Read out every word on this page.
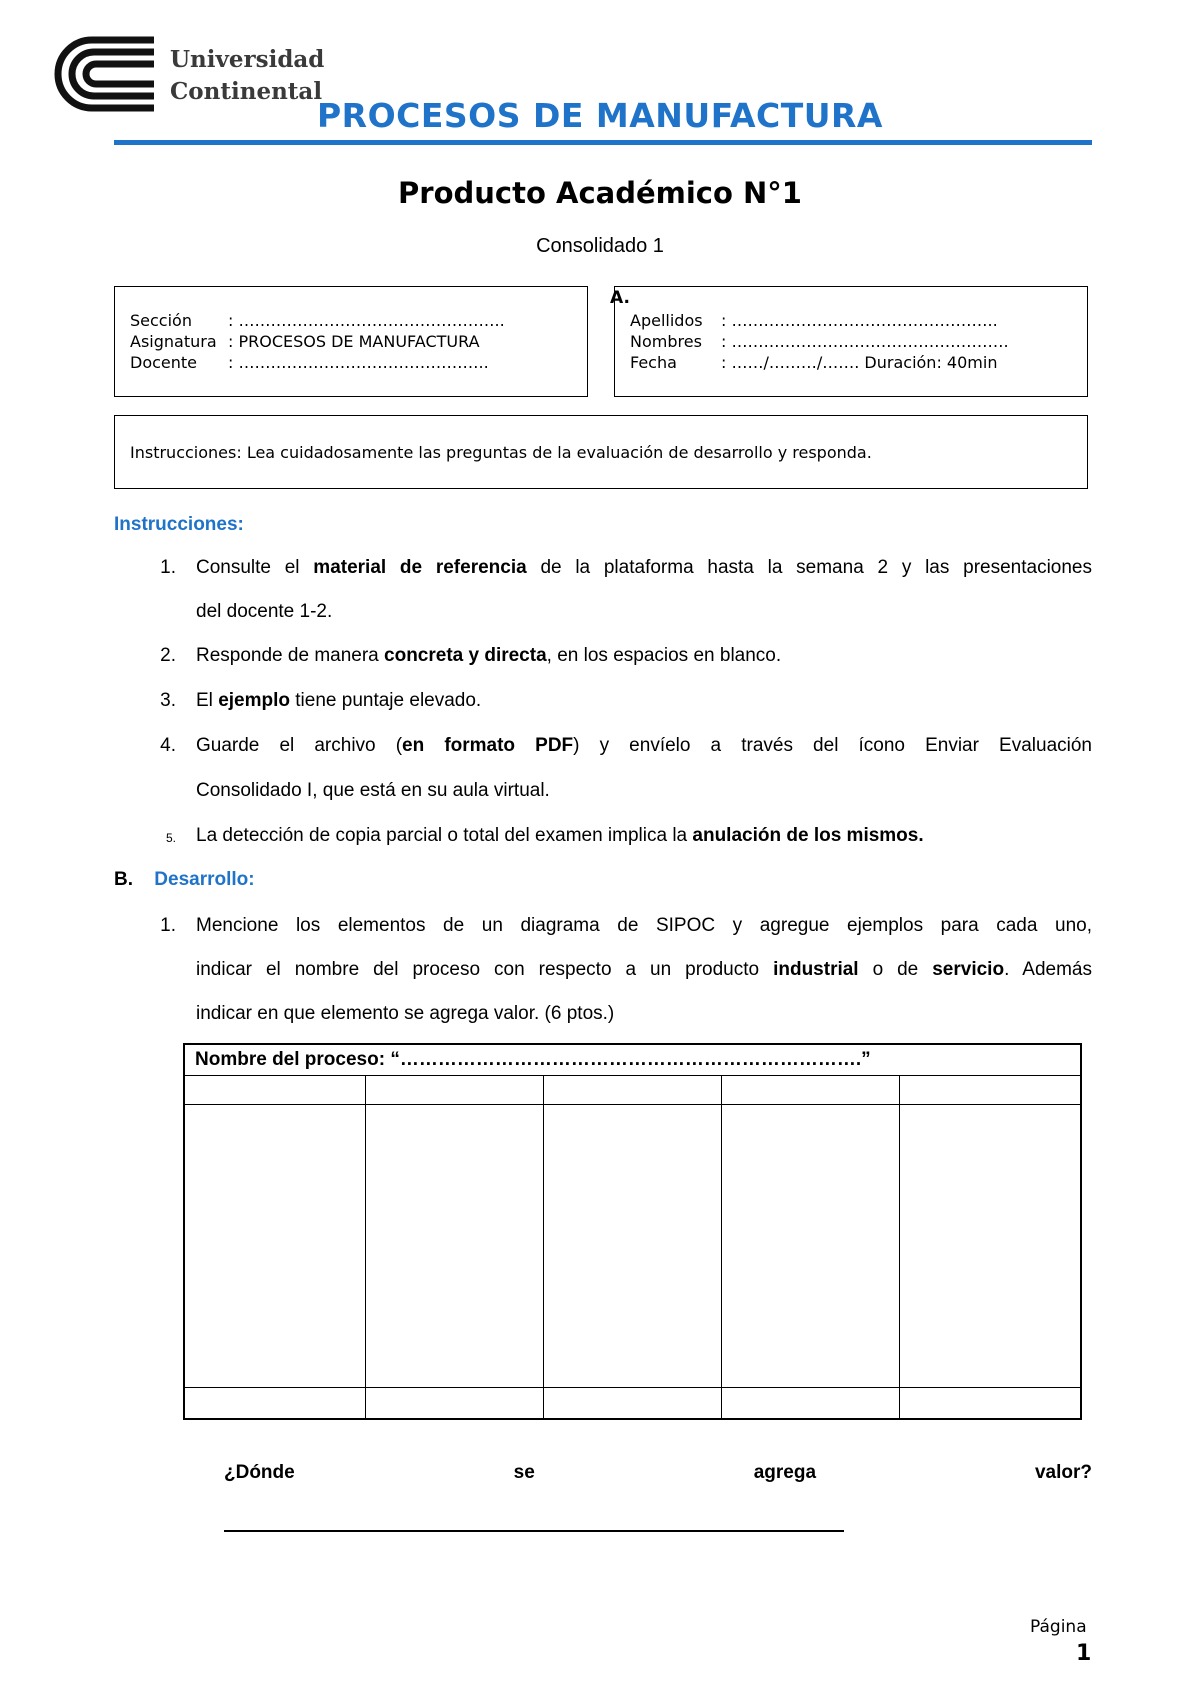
Universidad
Continental
PROCESOS DE MANUFACTURA
Producto Académico N°1
Consolidado 1
Sección : …………………………………………..
Asignatura : PROCESOS DE MANUFACTURA
Docente : ………………………………………..
A.
Apellidos : …………………………………………..
Nombres : …………………………………………….
Fecha	: ……/………/……. Duración: 40min
Instrucciones: Lea cuidadosamente las preguntas de la evaluación de desarrollo y responda.
Instrucciones:
1. Consulte el material de referencia de la plataforma hasta la semana 2 y las presentaciones
del docente 1-2.
2. Responde de manera concreta y directa, en los espacios en blanco.
3. El ejemplo tiene puntaje elevado.
4. Guarde el archivo (en formato PDF) y envíelo a través del ícono Enviar Evaluación
Consolidado I, que está en su aula virtual.
5. La detección de copia parcial o total del examen implica la anulación de los mismos.
B. Desarrollo:
1. Mencione los elementos de un diagrama de SIPOC y agregue ejemplos para cada uno,
indicar el nombre del proceso con respecto a un producto industrial o de servicio. Además
indicar en que elemento se agrega valor. (6 ptos.)
Nombre del proceso: “……………………………………………………………….”				

¿Dónde	se	agrega	valor?
Página
1
